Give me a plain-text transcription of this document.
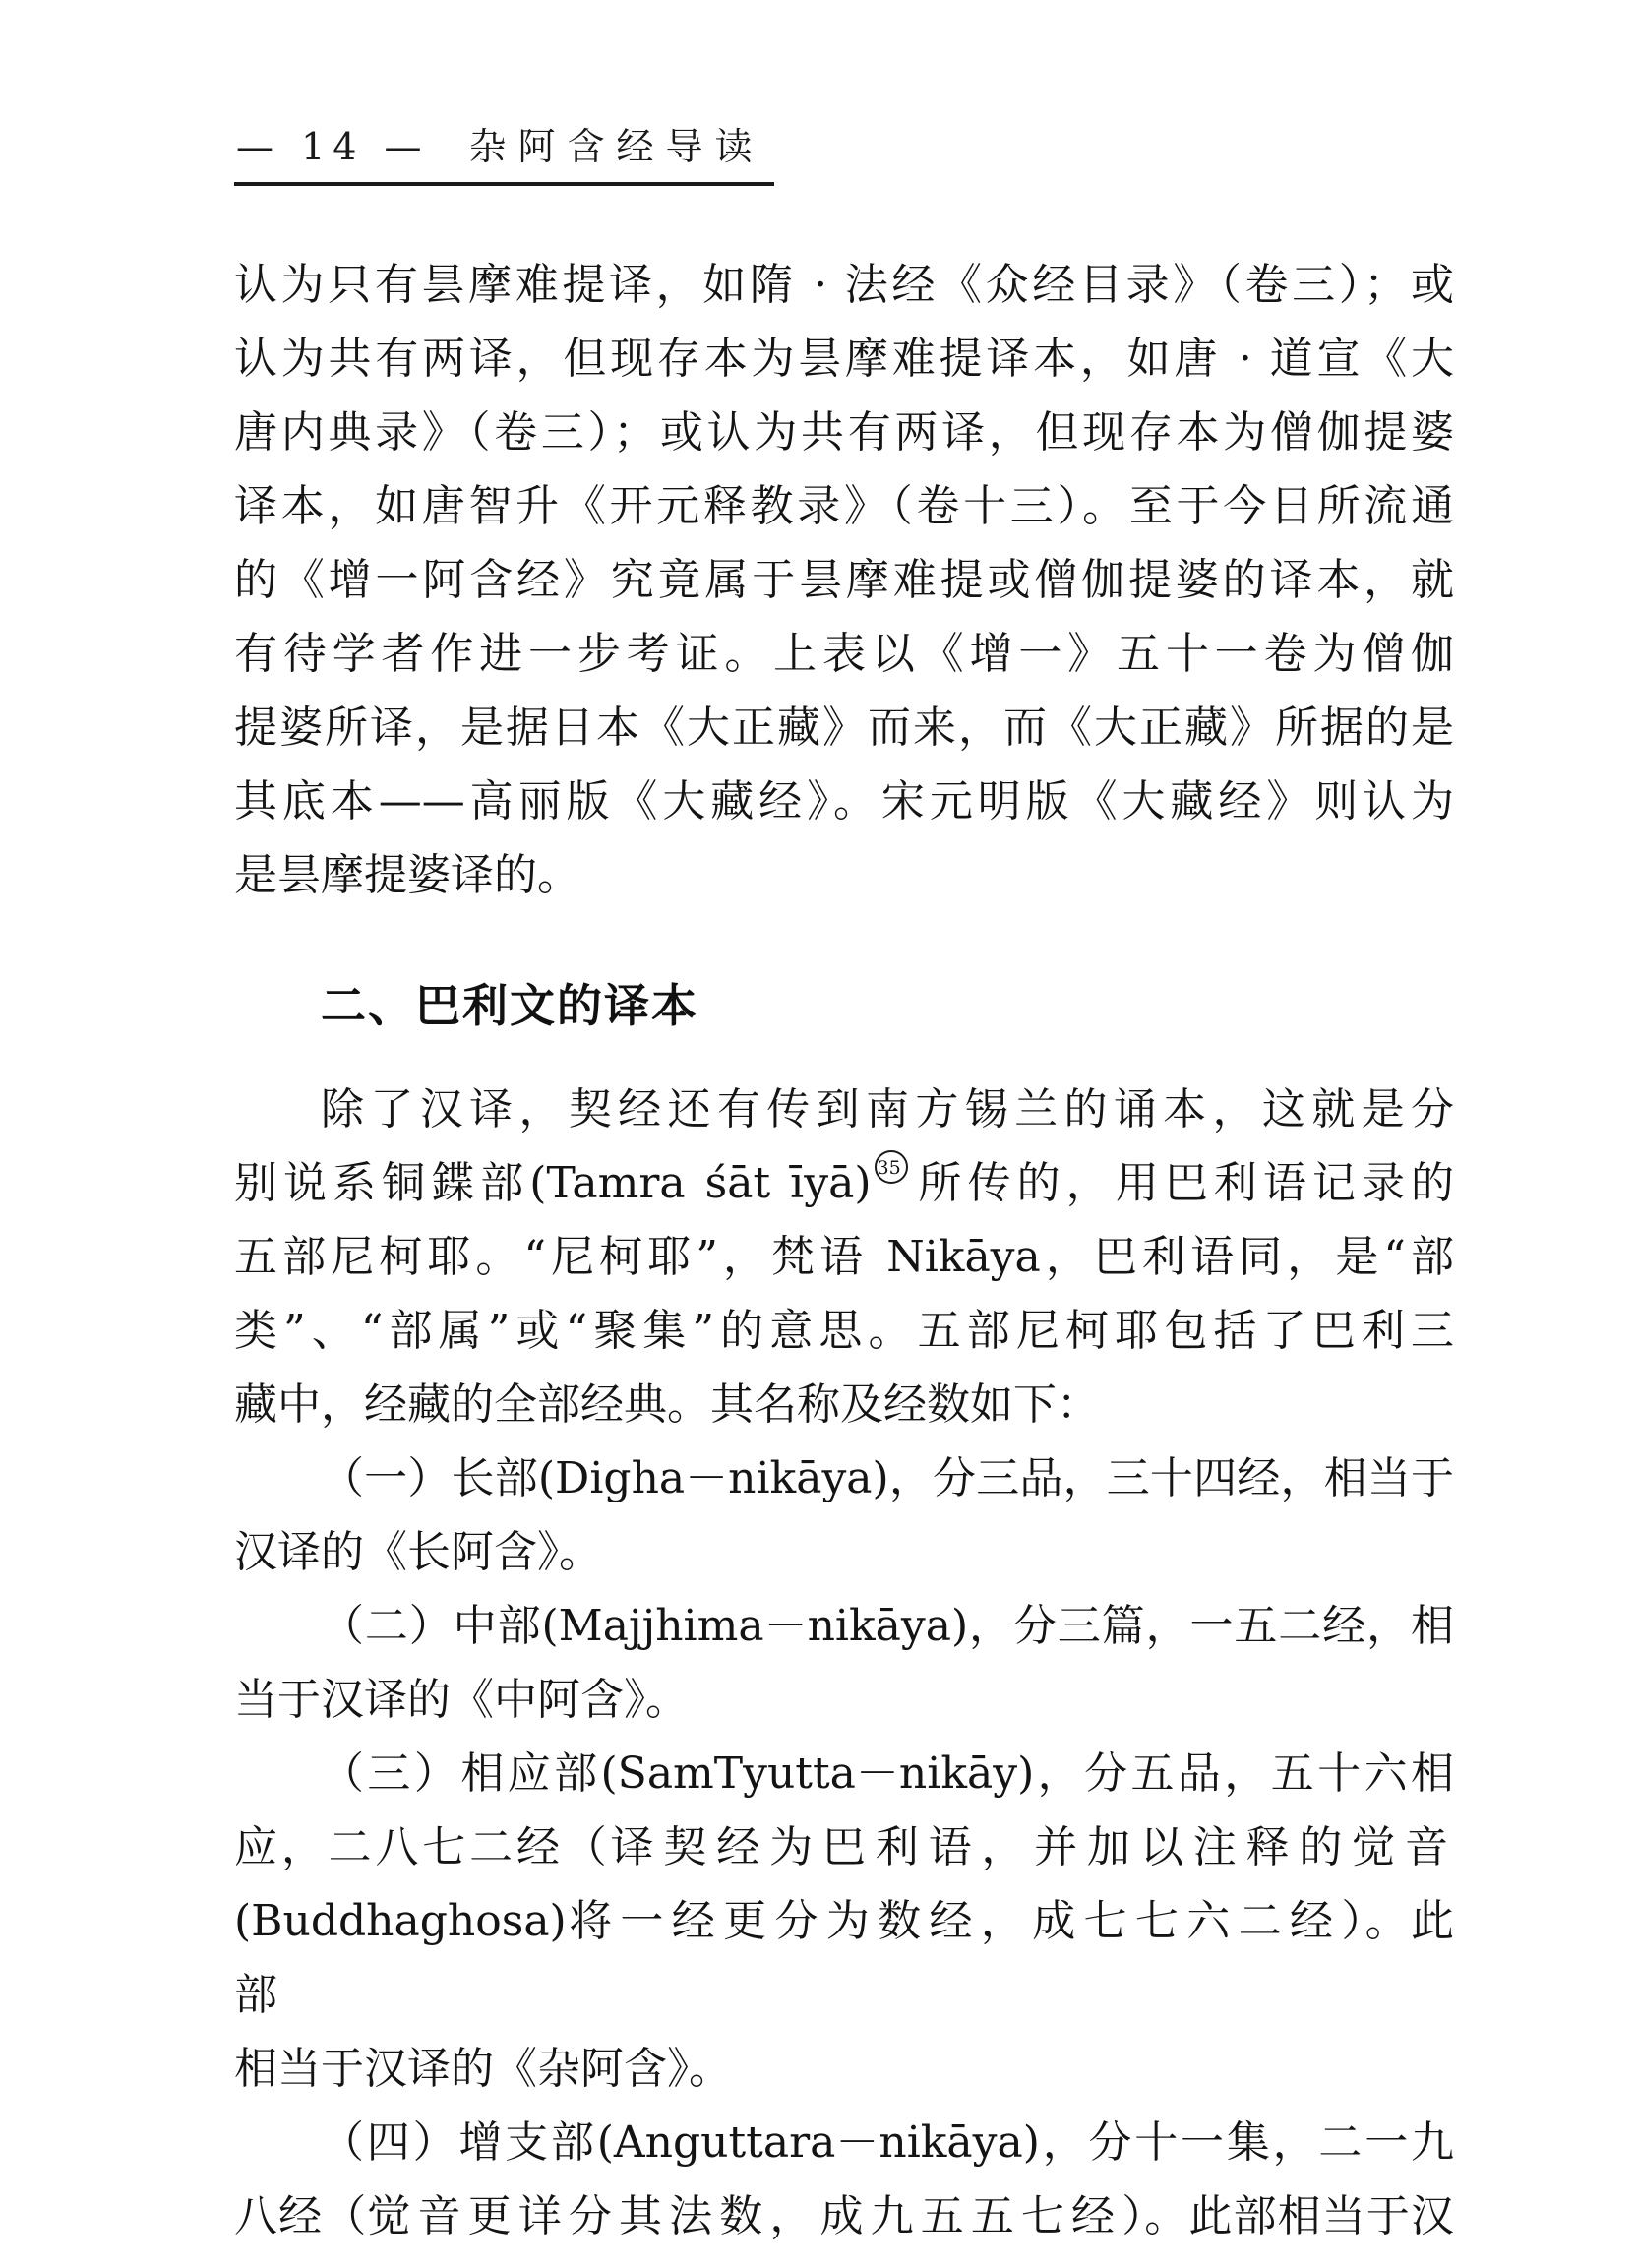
— 14 — 杂阿含经导读
认为只有昙摩难提译，如隋 · 法经《众经目录》（卷三）；或
认为共有两译，但现存本为昙摩难提译本，如唐 · 道宣《大
唐内典录》（卷三）；或认为共有两译，但现存本为僧伽提婆
译本，如唐智升《开元释教录》（卷十三）。至于今日所流通
的《增一阿含经》究竟属于昙摩难提或僧伽提婆的译本，就
有待学者作进一步考证。上表以《增一》五十一卷为僧伽
提婆所译，是据日本《大正藏》而来，而《大正藏》所据的是
其底本——高丽版《大藏经》。宋元明版《大藏经》则认为
是昙摩提婆译的。
二、巴利文的译本
除了汉译，契经还有传到南方锡兰的诵本，这就是分
别说系铜鍱部(Tamra śāt īyā) 35 所传的，用巴利语记录的
五部尼柯耶。“尼柯耶”，梵语 Nikāya，巴利语同，是“部
类”、“部属”或“聚集”的意思。五部尼柯耶包括了巴利三
藏中，经藏的全部经典。其名称及经数如下：
（一）长部(Digha－nikāya)，分三品，三十四经，相当于
汉译的《长阿含》。
（二）中部(Majjhima－nikāya)，分三篇，一五二经，相
当于汉译的《中阿含》。
（三）相应部(SamTyutta－nikāy)，分五品，五十六相
应，二八七二经（译契经为巴利语，并加以注释的觉音
(Buddhaghosa)将一经更分为数经，成七七六二经）。此部
相当于汉译的《杂阿含》。
（四）增支部(Anguttara－nikāya)，分十一集，二一九
八经（觉音更详分其法数，成九五五七经）。此部相当于汉
